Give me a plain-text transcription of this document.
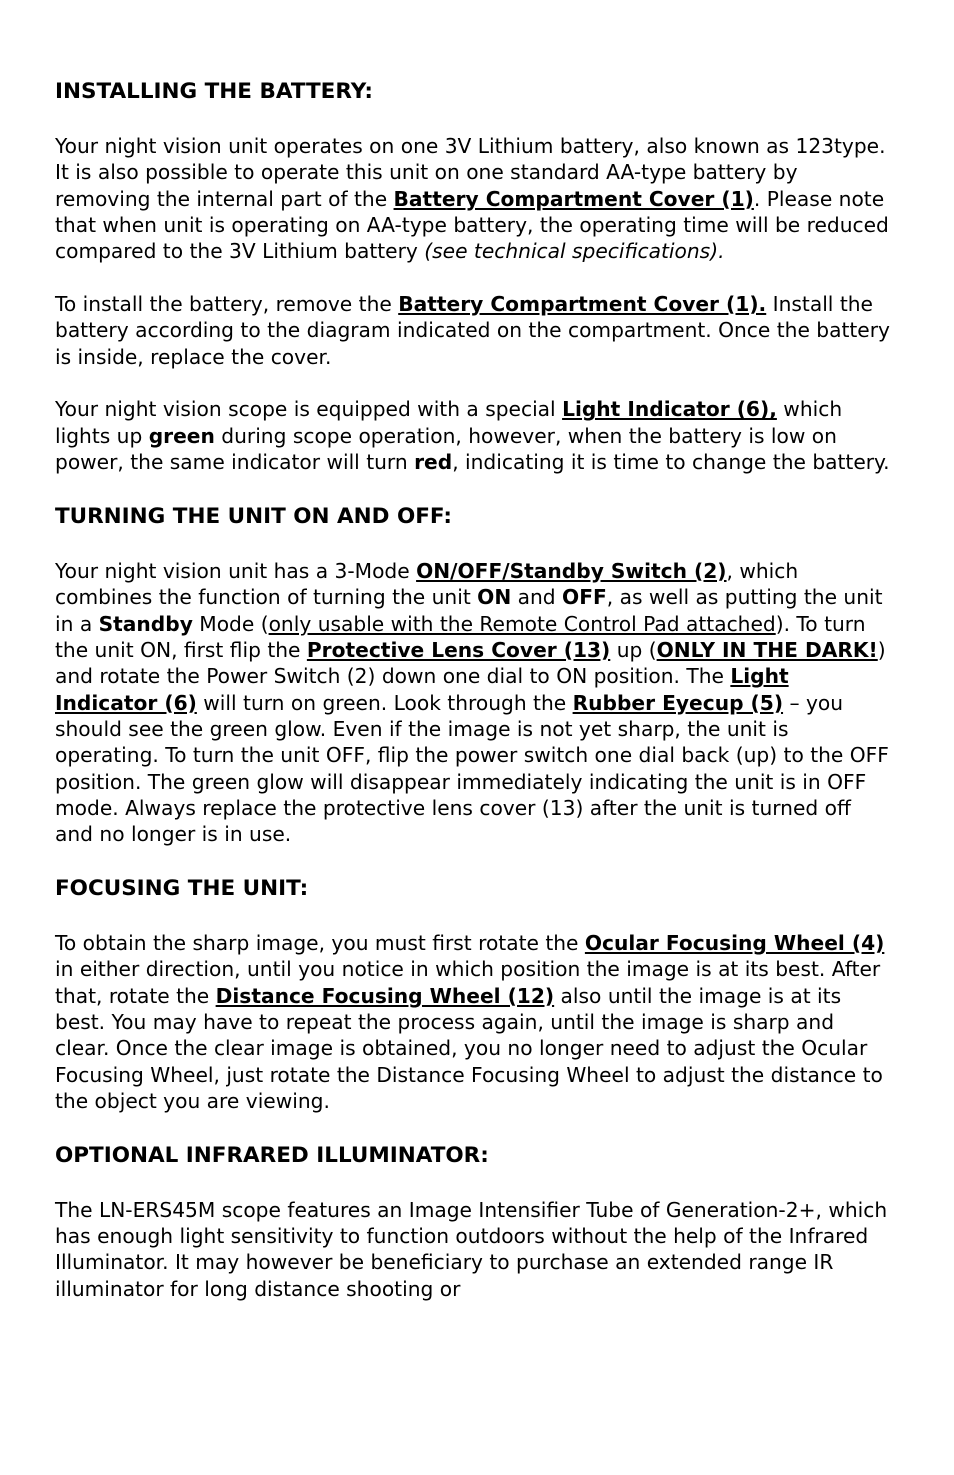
INSTALLING THE BATTERY:

Your night vision unit operates on one 3V Lithium battery, also known as 123type. It is also possible to operate this unit on one standard AA-type battery by removing the internal part of the Battery Compartment Cover (1). Please note that when unit is operating on AA-type battery, the operating time will be reduced compared to the 3V Lithium battery (see technical specifications).

To install the battery, remove the Battery Compartment Cover (1). Install the battery according to the diagram indicated on the compartment. Once the battery is inside, replace the cover.

Your night vision scope is equipped with a special Light Indicator (6), which lights up green during scope operation, however, when the battery is low on power, the same indicator will turn red, indicating it is time to change the battery.

TURNING THE UNIT ON AND OFF:

Your night vision unit has a 3-Mode ON/OFF/Standby Switch (2), which combines the function of turning the unit ON and OFF, as well as putting the unit in a Standby Mode (only usable with the Remote Control Pad attached). To turn the unit ON, first flip the Protective Lens Cover (13) up (ONLY IN THE DARK!) and rotate the Power Switch (2) down one dial to ON position. The Light Indicator (6) will turn on green. Look through the Rubber Eyecup (5) – you should see the green glow. Even if the image is not yet sharp, the unit is operating. To turn the unit OFF, flip the power switch one dial back (up) to the OFF position. The green glow will disappear immediately indicating the unit is in OFF mode. Always replace the protective lens cover (13) after the unit is turned off and no longer is in use.

FOCUSING THE UNIT:

To obtain the sharp image, you must first rotate the Ocular Focusing Wheel (4) in either direction, until you notice in which position the image is at its best. After that, rotate the Distance Focusing Wheel (12) also until the image is at its best. You may have to repeat the process again, until the image is sharp and clear. Once the clear image is obtained, you no longer need to adjust the Ocular Focusing Wheel, just rotate the Distance Focusing Wheel to adjust the distance to the object you are viewing.

OPTIONAL INFRARED ILLUMINATOR:

The LN-ERS45M scope features an Image Intensifier Tube of Generation-2+, which has enough light sensitivity to function outdoors without the help of the Infrared Illuminator. It may however be beneficiary to purchase an extended range IR illuminator for long distance shooting or
